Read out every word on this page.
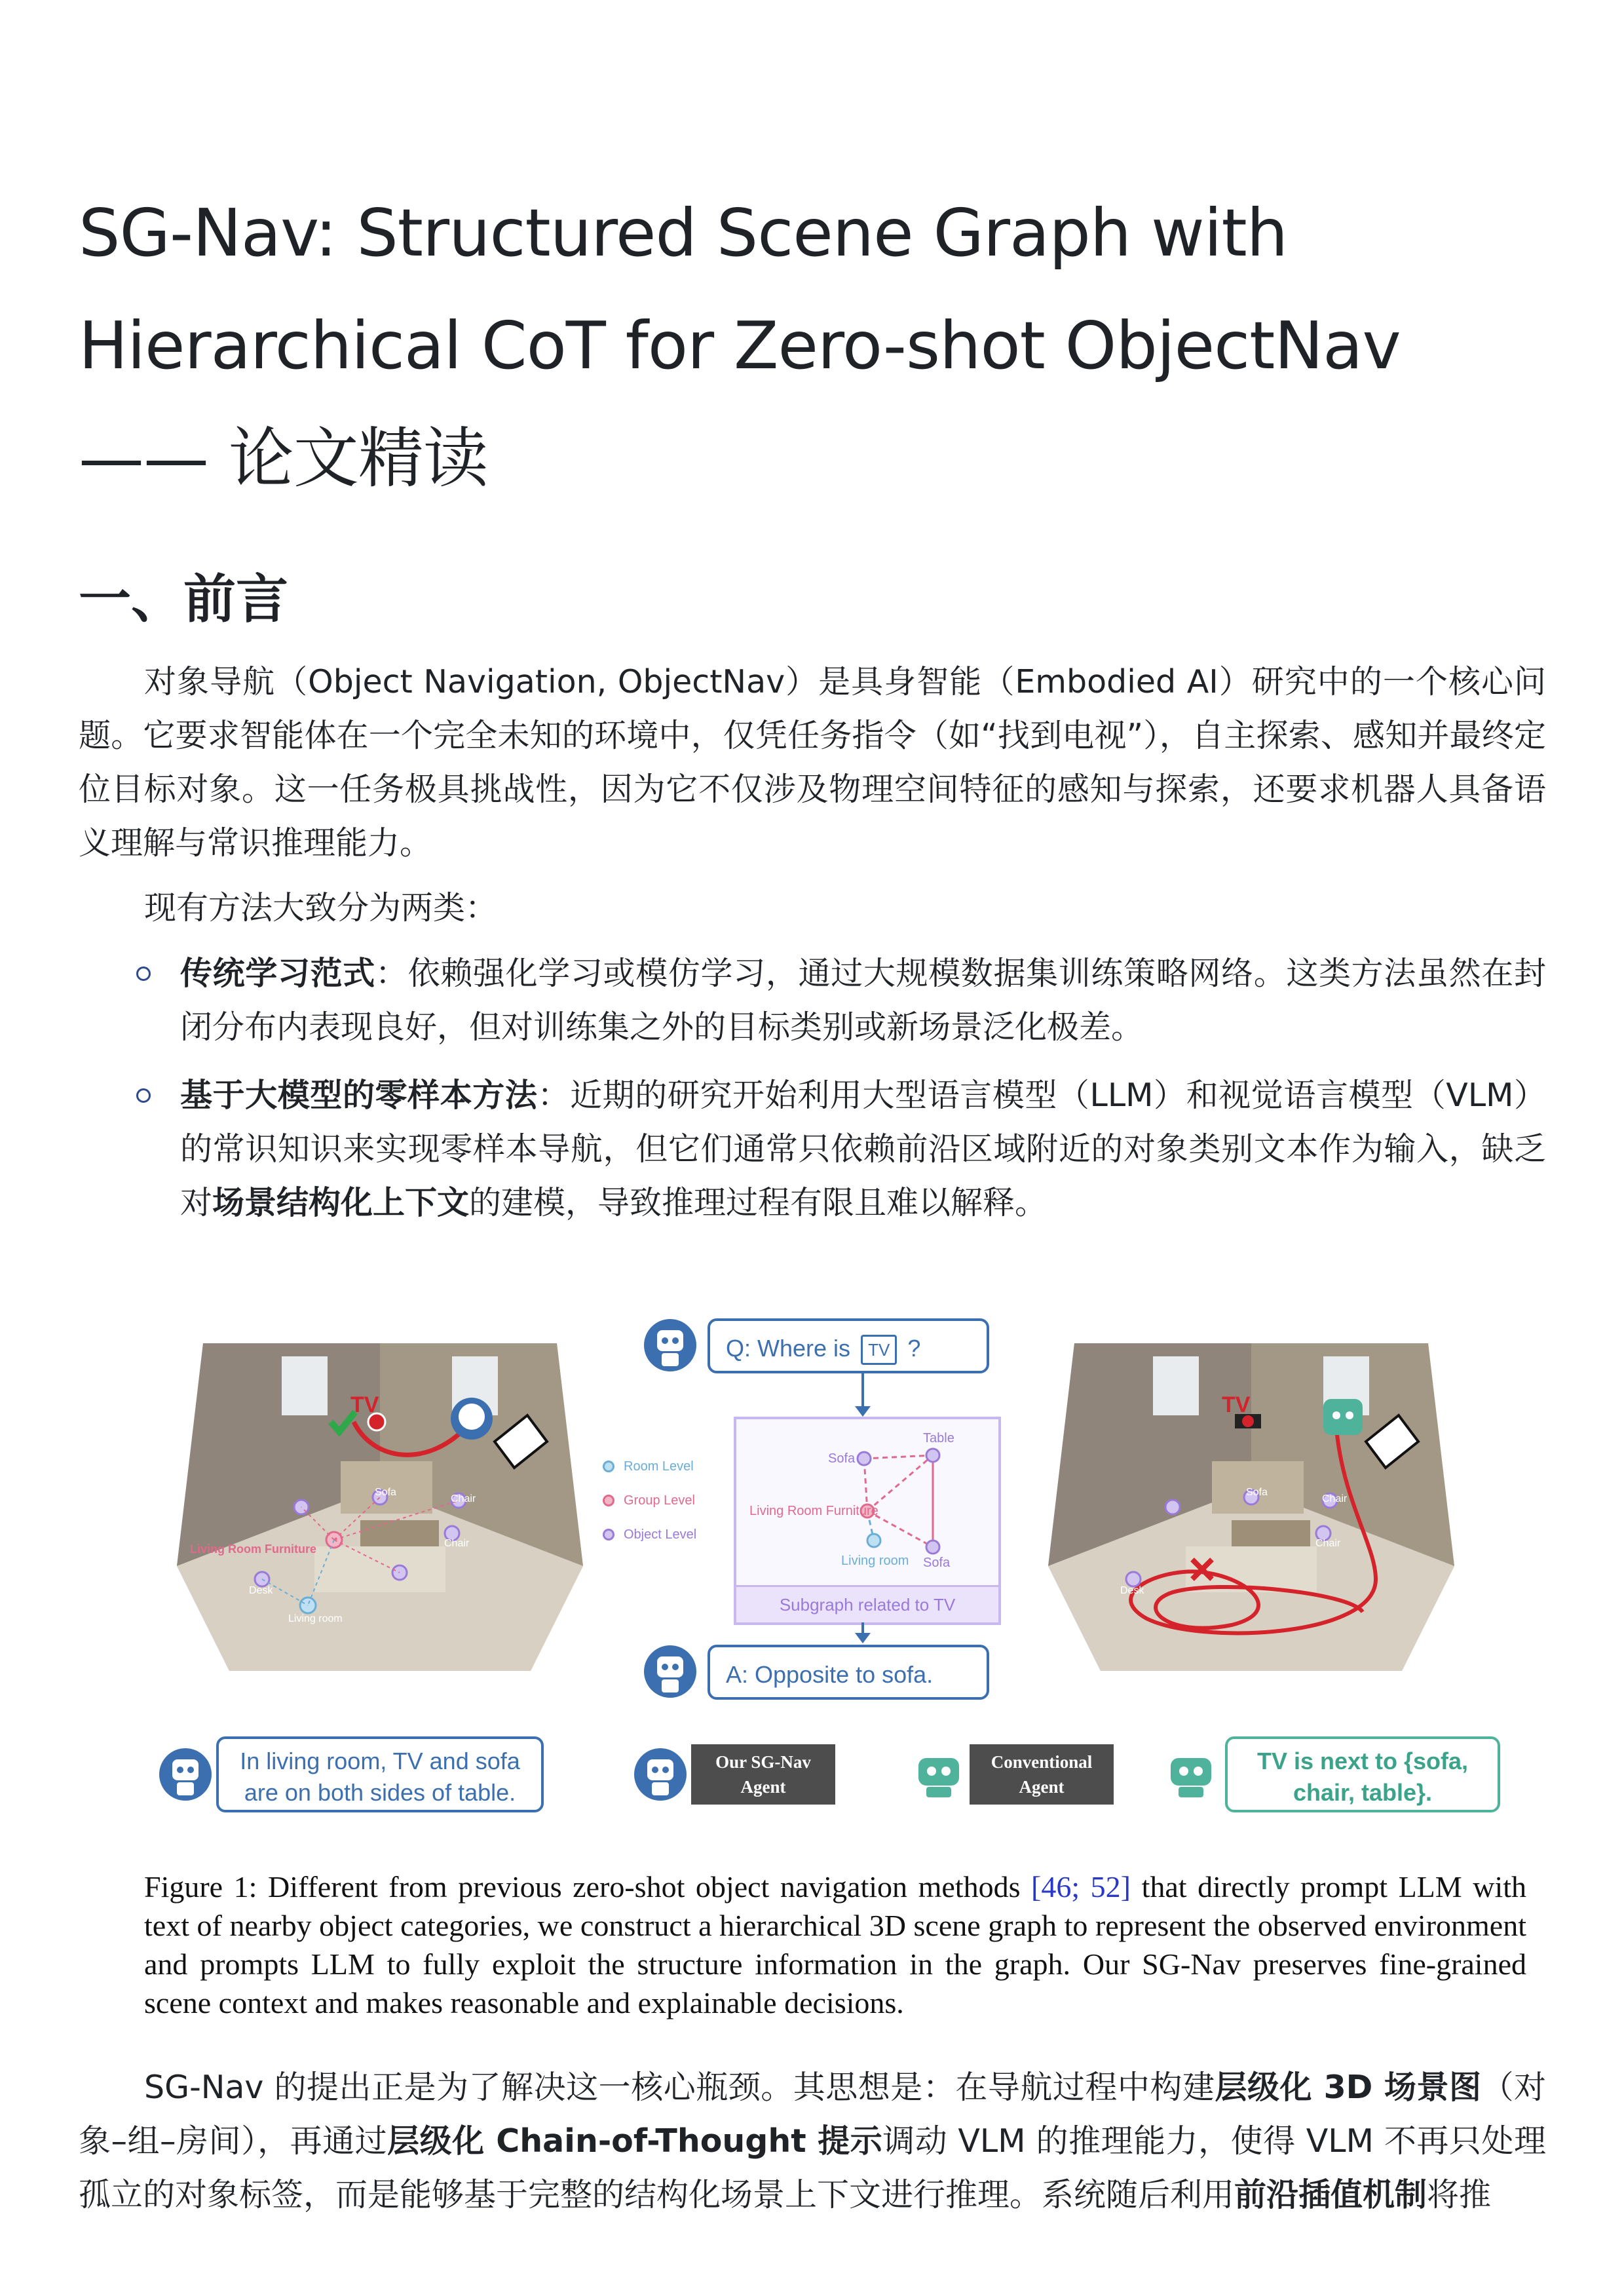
SG-Nav: Structured Scene Graph with
Hierarchical CoT for Zero-shot ObjectNav
—— 论文精读
一、前言

对象导航（Object Navigation, ObjectNav）是具身智能（Embodied AI）研究中的一个核心问题。它要求智能体在一个完全未知的环境中，仅凭任务指令（如“找到电视”），自主探索、感知并最终定位目标对象。这一任务极具挑战性，因为它不仅涉及物理空间特征的感知与探索，还要求机器人具备语义理解与常识推理能力。

现有方法大致分为两类：

传统学习范式：依赖强化学习或模仿学习，通过大规模数据集训练策略网络。这类方法虽然在封闭分布内表现良好，但对训练集之外的目标类别或新场景泛化极差。
基于大模型的零样本方法：近期的研究开始利用大型语言模型（LLM）和视觉语言模型（VLM）的常识知识来实现零样本导航，但它们通常只依赖前沿区域附近的对象类别文本作为输入，缺乏对场景结构化上下文的建模，导致推理过程有限且难以解释。
TV
Sofa
Chair
Chair
Living Room Furniture
Desk
Living room
TV
Sofa
Chair
Chair
Desk
Q: Where is TV ?
Room Level
Group Level
Object Level
Sofa
Table
Living Room Furniture
Living room Sofa
Subgraph related to TV
A: Opposite to sofa.
In living room, TV and sofa
are on both sides of table.
Our SG-Nav
Agent
Conventional
Agent
TV is next to {sofa,
chair, table}.

Figure 1: Different from previous zero-shot object navigation methods [46; 52] that directly prompt LLM with text of nearby object categories, we construct a hierarchical 3D scene graph to represent the observed environment and prompts LLM to fully exploit the structure information in the graph. Our SG-Nav preserves fine-grained scene context and makes reasonable and explainable decisions.

SG-Nav 的提出正是为了解决这一核心瓶颈。其思想是：在导航过程中构建层级化 3D 场景图（对象–组–房间），再通过层级化 Chain-of-Thought 提示调动 VLM 的推理能力，使得 VLM 不再只处理孤立的对象标签，而是能够基于完整的结构化场景上下文进行推理。系统随后利用前沿插值机制将推
